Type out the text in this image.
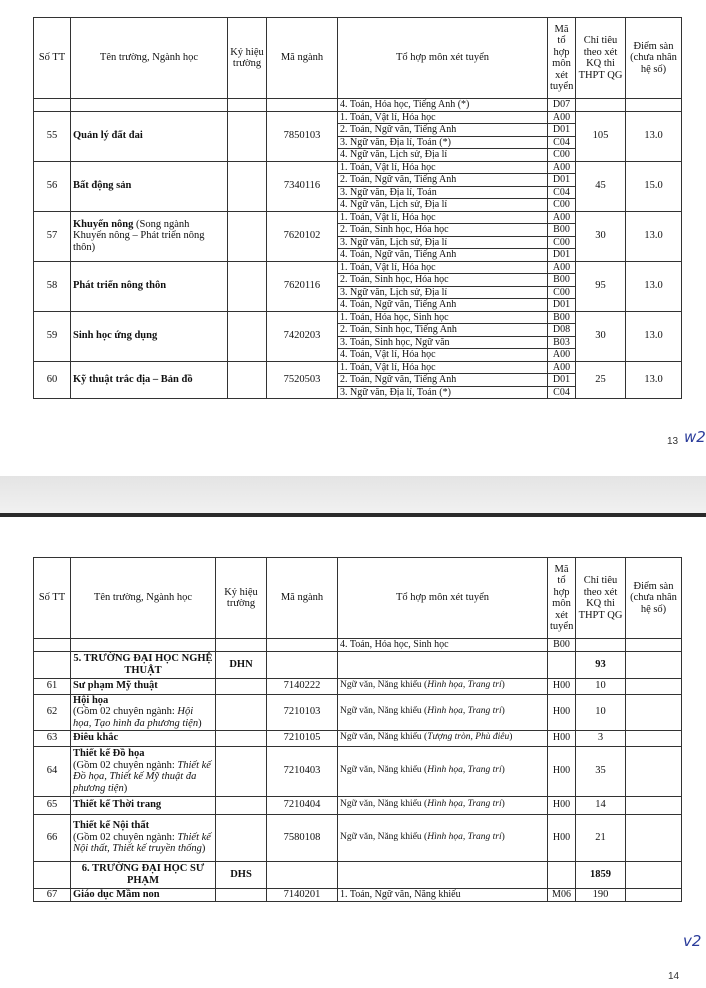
Số TT	Tên trường, Ngành học	Ký hiệu trường	Mã ngành	Tổ hợp môn xét tuyển	Mã tổ hợp môn xét tuyển	Chỉ tiêu theo xét KQ thi THPT QG	Điểm sàn (chưa nhân hệ số)
				4. Toán, Hóa học, Tiếng Anh (*)	D07		
55	Quản lý đất đai		7850103	1. Toán, Vật lí, Hóa học	A00	105	13.0
				2. Toán, Ngữ văn, Tiếng Anh	D01		
				3. Ngữ văn, Địa lí, Toán (*)	C04		
				4. Ngữ văn, Lịch sử, Địa lí	C00		
56	Bất động sản		7340116	1. Toán, Vật lí, Hóa học	A00	45	15.0
				2. Toán, Ngữ văn, Tiếng Anh	D01		
				3. Ngữ văn, Địa lí, Toán	C04		
				4. Ngữ văn, Lịch sử, Địa lí	C00		
57	Khuyến nông (Song ngành Khuyến nông – Phát triển nông thôn)		7620102	1. Toán, Vật lí, Hóa học	A00	30	13.0
				2. Toán, Sinh học, Hóa học	B00		
				3. Ngữ văn, Lịch sử, Địa lí	C00		
				4. Toán, Ngữ văn, Tiếng Anh	D01		
58	Phát triển nông thôn		7620116	1. Toán, Vật lí, Hóa học	A00	95	13.0
				2. Toán, Sinh học, Hóa học	B00		
				3. Ngữ văn, Lịch sử, Địa lí	C00		
				4. Toán, Ngữ văn, Tiếng Anh	D01		
59	Sinh học ứng dụng		7420203	1. Toán, Hóa học, Sinh học	B00	30	13.0
				2. Toán, Sinh học, Tiếng Anh	D08		
				3. Toán, Sinh học, Ngữ văn	B03		
				4. Toán, Vật lí, Hóa học	A00		
60	Kỹ thuật trắc địa – Bản đồ		7520503	1. Toán, Vật lí, Hóa học	A00	25	13.0
				2. Toán, Ngữ văn, Tiếng Anh	D01		
				3. Ngữ văn, Địa lí, Toán (*)	C04		
13 w2
Số TT	Tên trường, Ngành học	Ký hiệu trường	Mã ngành	Tổ hợp môn xét tuyển	Mã tổ hợp môn xét tuyển	Chỉ tiêu theo xét KQ thi THPT QG	Điểm sàn (chưa nhân hệ số)
				4. Toán, Hóa học, Sinh học	B00		
	5. TRƯỜNG ĐẠI HỌC NGHỆ THUẬT	DHN				93	
61	Sư phạm Mỹ thuật		7140222	Ngữ văn, Năng khiếu (Hình họa, Trang trí)	H00	10	
62	Hội họa
(Gồm 02 chuyên ngành: Hội họa, Tạo hình đa phương tiện)		7210103	Ngữ văn, Năng khiếu (Hình họa, Trang trí)	H00	10	
63	Điêu khắc		7210105	Ngữ văn, Năng khiếu (Tượng tròn, Phù điêu)	H00	3	
64	Thiết kế Đồ họa
(Gồm 02 chuyên ngành: Thiết kế Đồ họa, Thiết kế Mỹ thuật đa phương tiện)		7210403	Ngữ văn, Năng khiếu (Hình họa, Trang trí)	H00	35	
65	Thiết kế Thời trang		7210404	Ngữ văn, Năng khiếu (Hình họa, Trang trí)	H00	14	
66	Thiết kế Nội thất
(Gồm 02 chuyên ngành: Thiết kế Nội thất, Thiết kế truyền thống)		7580108	Ngữ văn, Năng khiếu (Hình họa, Trang trí)	H00	21	
	6. TRƯỜNG ĐẠI HỌC SƯ PHẠM	DHS				1859	
67	Giáo dục Mầm non		7140201	1. Toán, Ngữ văn, Năng khiếu	M06	190	
14
v2
